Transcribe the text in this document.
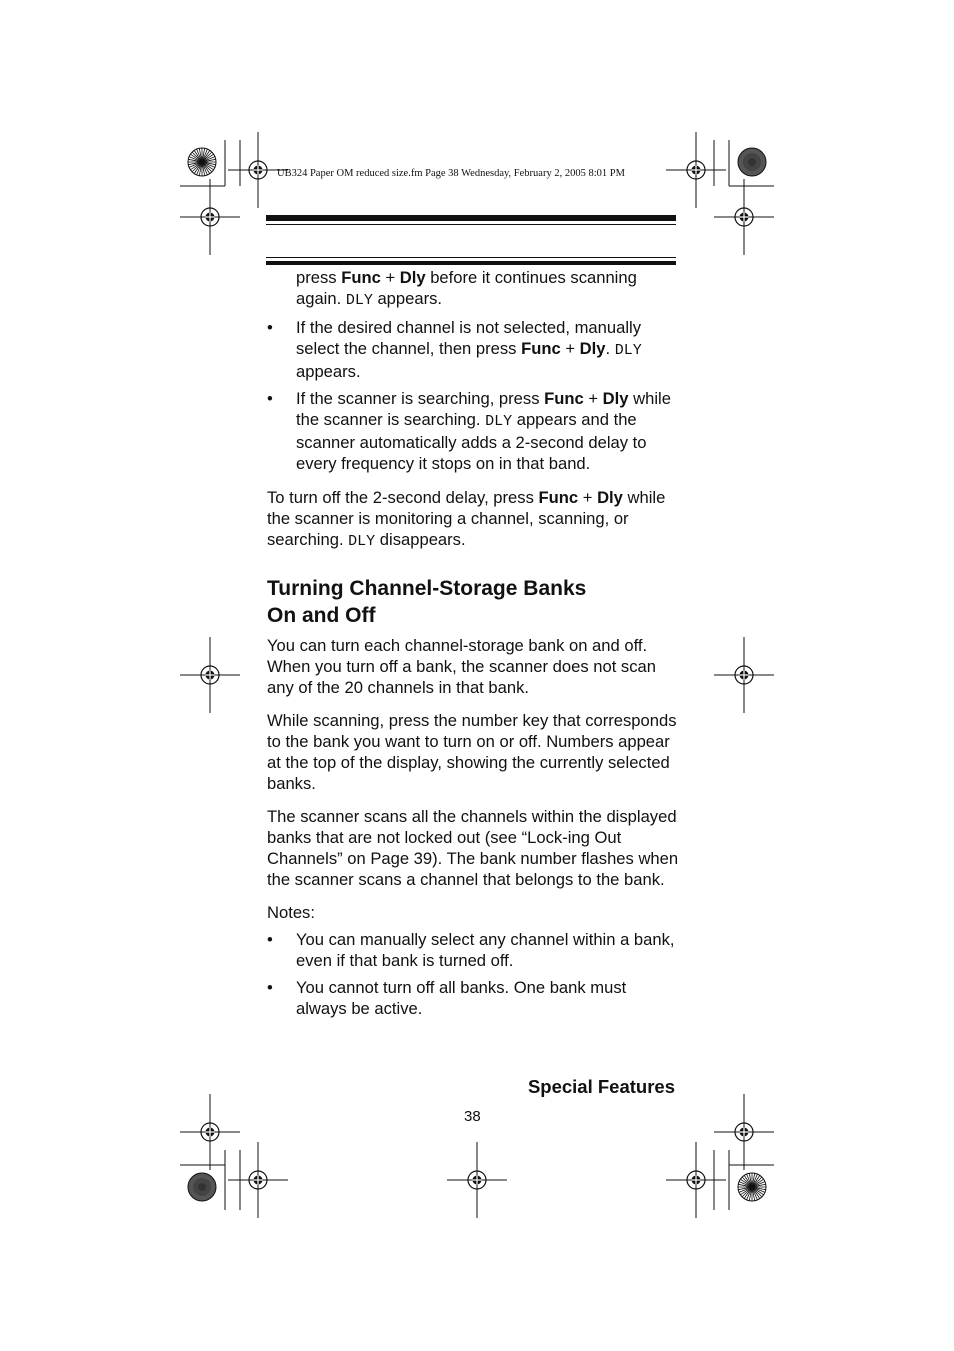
UB324 Paper OM reduced size.fm Page 38 Wednesday, February 2, 2005 8:01 PM

press Func + Dly before it continues scanning again. DLY appears.

• If the desired channel is not selected, manually select the channel, then press Func + Dly. DLY appears.

• If the scanner is searching, press Func + Dly while the scanner is searching. DLY appears and the scanner automatically adds a 2-second delay to every frequency it stops on in that band.

To turn off the 2-second delay, press Func + Dly while the scanner is monitoring a channel, scanning, or searching. DLY disappears.

Turning Channel-Storage Banks
On and Off

You can turn each channel-storage bank on and off. When you turn off a bank, the scanner does not scan any of the 20 channels in that bank.

While scanning, press the number key that corresponds to the bank you want to turn on or off. Numbers appear at the top of the display, showing the currently selected banks.

The scanner scans all the channels within the displayed banks that are not locked out (see “Lock-ing Out Channels” on Page 39). The bank number flashes when the scanner scans a channel that belongs to the bank.

Notes:

• You can manually select any channel within a bank, even if that bank is turned off.

• You cannot turn off all banks. One bank must always be active.

Special Features
38
